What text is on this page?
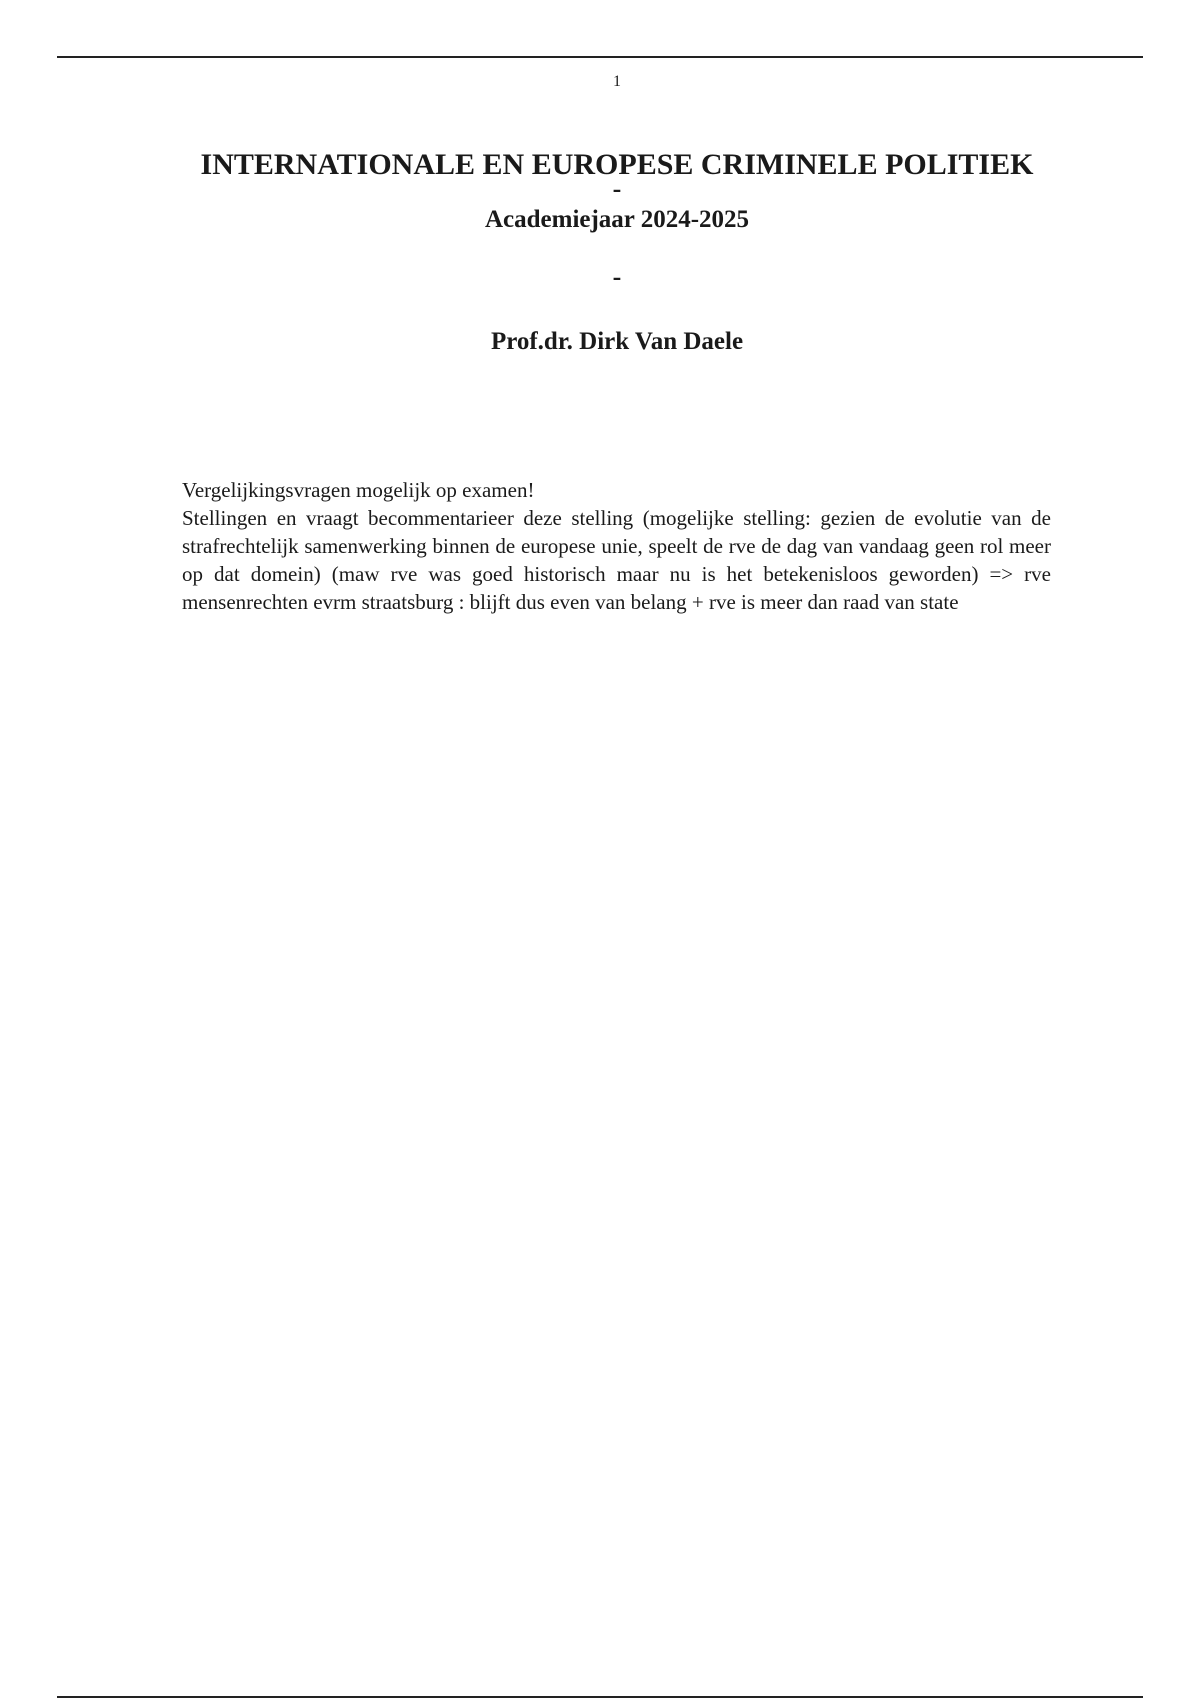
1
INTERNATIONALE EN EUROPESE CRIMINELE POLITIEK
-
Academiejaar 2024-2025
-
Prof.dr. Dirk Van Daele

Vergelijkingsvragen mogelijk op examen!

Stellingen en vraagt becommentarieer deze stelling (mogelijke stelling: gezien de evolutie van de strafrechtelijk samenwerking binnen de europese unie, speelt de rve de dag van vandaag geen rol meer op dat domein) (maw rve was goed historisch maar nu is het betekenisloos geworden) => rve mensenrechten evrm straatsburg : blijft dus even van belang + rve is meer dan raad van state
